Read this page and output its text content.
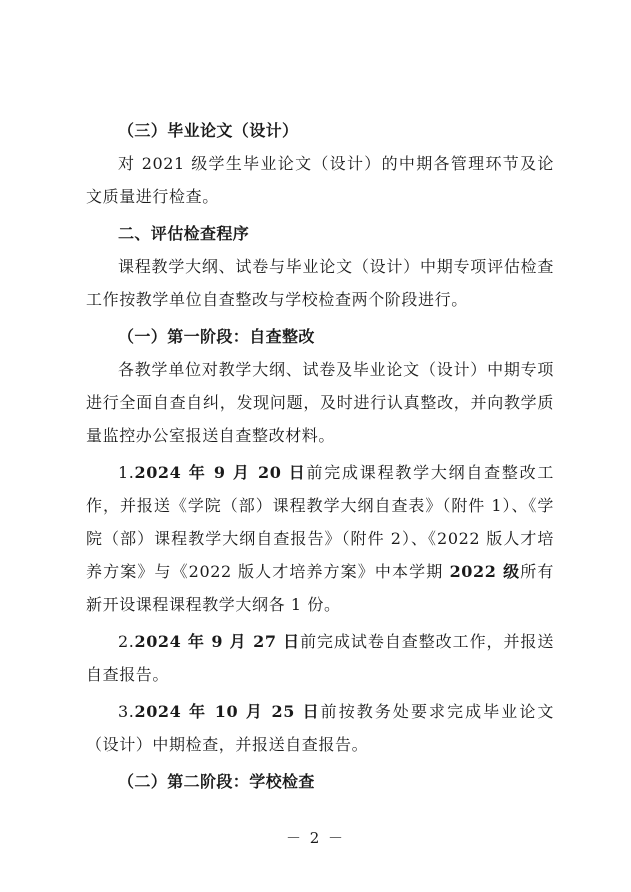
（三）毕业论文（设计）

对 2021 级学生毕业论文（设计）的中期各管理环节及论文质量进行检查。

二、评估检查程序

课程教学大纲、试卷与毕业论文（设计）中期专项评估检查工作按教学单位自查整改与学校检查两个阶段进行。

（一）第一阶段：自查整改

各教学单位对教学大纲、试卷及毕业论文（设计）中期专项进行全面自查自纠，发现问题，及时进行认真整改，并向教学质量监控办公室报送自查整改材料。

1.2024 年 9 月 20 日前完成课程教学大纲自查整改工作，并报送《学院（部）课程教学大纲自查表》（附件 1）、《学院（部）课程教学大纲自查报告》（附件 2）、《2022 版人才培养方案》与《2022 版人才培养方案》中本学期 2022 级所有新开设课程课程教学大纲各 1 份。

2.2024 年 9 月 27 日前完成试卷自查整改工作，并报送自查报告。

3.2024 年 10 月 25 日前按教务处要求完成毕业论文（设计）中期检查，并报送自查报告。

（二）第二阶段：学校检查

－ 2 －
